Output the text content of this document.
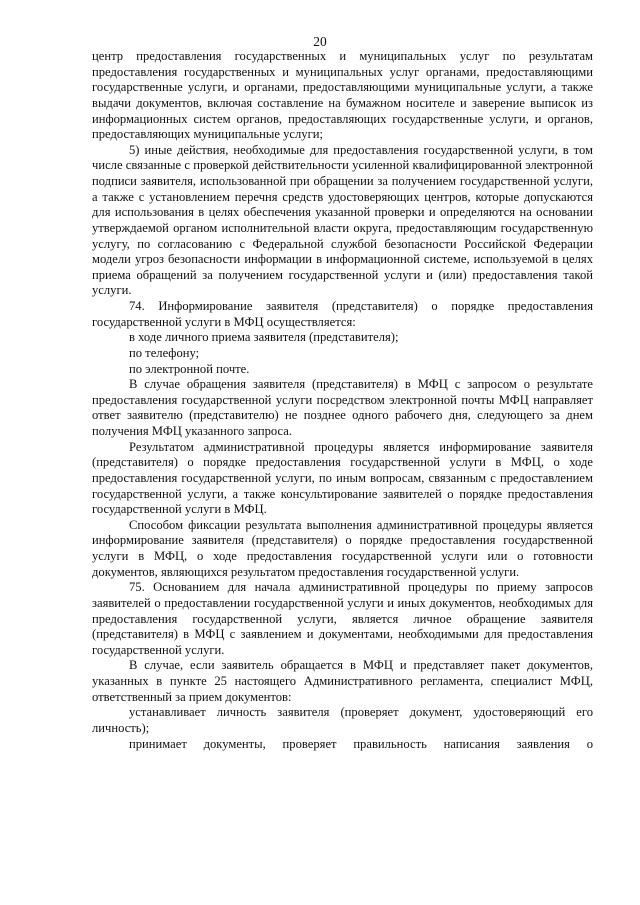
20

центр предоставления государственных и муниципальных услуг по результатам предоставления государственных и муниципальных услуг органами, предоставляющими государственные услуги, и органами, предоставляющими муниципальные услуги, а также выдачи документов, включая составление на бумажном носителе и заверение выписок из информационных систем органов, предоставляющих государственные услуги, и органов, предоставляющих муниципальные услуги;

5) иные действия, необходимые для предоставления государственной услуги, в том числе связанные с проверкой действительности усиленной квалифицированной электронной подписи заявителя, использованной при обращении за получением государственной услуги, а также с установлением перечня средств удостоверяющих центров, которые допускаются для использования в целях обеспечения указанной проверки и определяются на основании утверждаемой органом исполнительной власти округа, предоставляющим государственную услугу, по согласованию с Федеральной службой безопасности Российской Федерации модели угроз безопасности информации в информационной системе, используемой в целях приема обращений за получением государственной услуги и (или) предоставления такой услуги.

74. Информирование заявителя (представителя) о порядке предоставления государственной услуги в МФЦ осуществляется:

в ходе личного приема заявителя (представителя);

по телефону;

по электронной почте.

В случае обращения заявителя (представителя) в МФЦ с запросом о результате предоставления государственной услуги посредством электронной почты МФЦ направляет ответ заявителю (представителю) не позднее одного рабочего дня, следующего за днем получения МФЦ указанного запроса.

Результатом административной процедуры является информирование заявителя (представителя) о порядке предоставления государственной услуги в МФЦ, о ходе предоставления государственной услуги, по иным вопросам, связанным с предоставлением государственной услуги, а также консультирование заявителей о порядке предоставления государственной услуги в МФЦ.

Способом фиксации результата выполнения административной процедуры является информирование заявителя (представителя) о порядке предоставления государственной услуги в МФЦ, о ходе предоставления государственной услуги или о готовности документов, являющихся результатом предоставления государственной услуги.

75. Основанием для начала административной процедуры по приему запросов заявителей о предоставлении государственной услуги и иных документов, необходимых для предоставления государственной услуги, является личное обращение заявителя (представителя) в МФЦ с заявлением и документами, необходимыми для предоставления государственной услуги.

В случае, если заявитель обращается в МФЦ и представляет пакет документов, указанных в пункте 25 настоящего Административного регламента, специалист МФЦ, ответственный за прием документов:

устанавливает личность заявителя (проверяет документ, удостоверяющий его личность);

принимает документы, проверяет правильность написания заявления о
